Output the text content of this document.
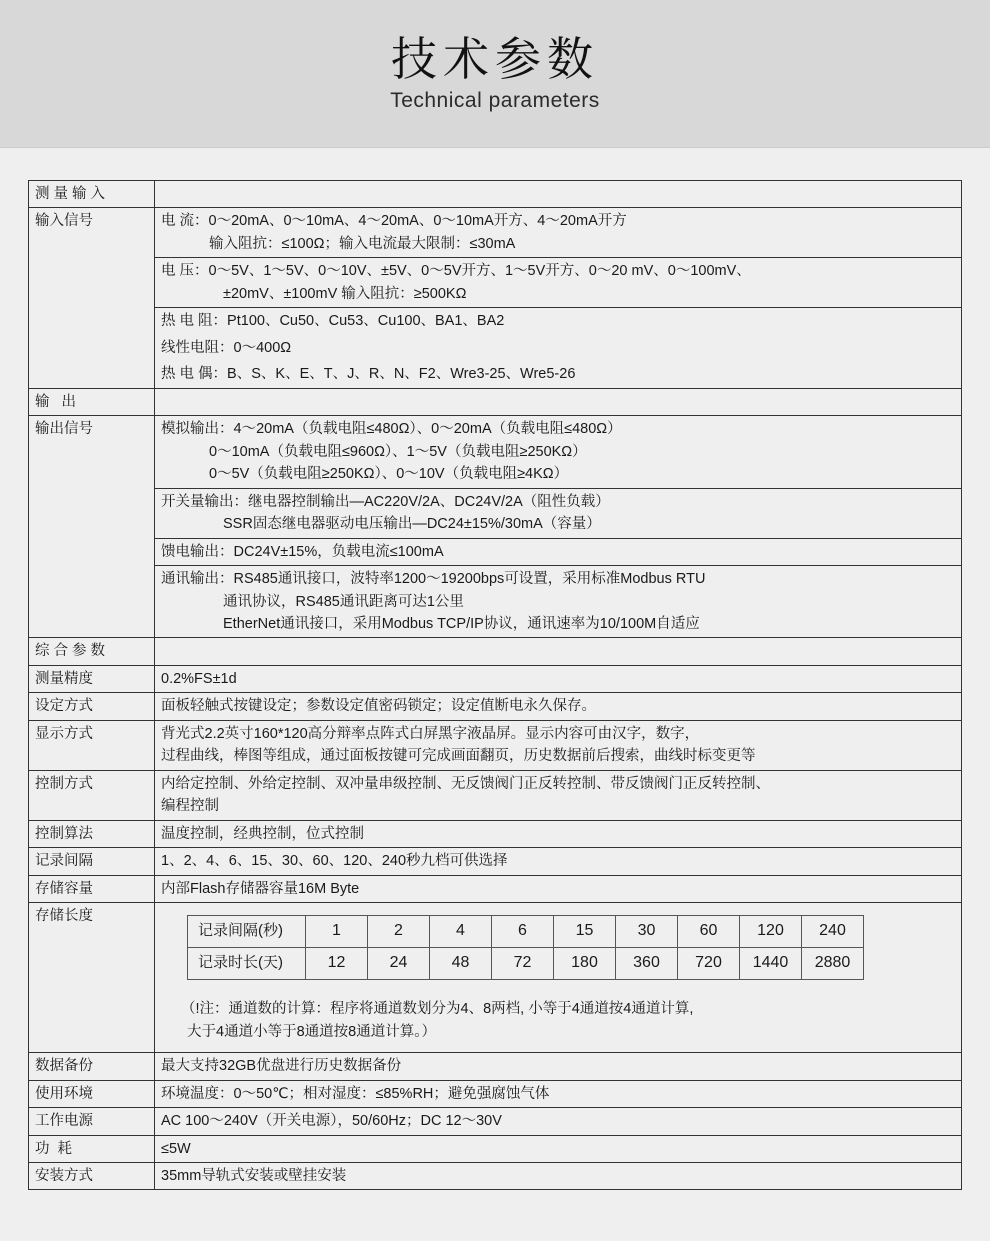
技术参数
Technical parameters
测量输入	
输入信号	电 流：0～20mA、0～10mA、4～20mA、0～10mA开方、4～20mA开方
输入阻抗：≤100Ω；输入电流最大限制：≤30mA

电 压：0～5V、1～5V、0～10V、±5V、0～5V开方、1～5V开方、0～20 mV、0～100mV、
±20mV、±100mV 输入阻抗：≥500KΩ

热 电 阻：Pt100、Cu50、Cu53、Cu100、BA1、BA2

线性电阻：0～400Ω

热 电 偶：B、S、K、E、T、J、R、N、F2、Wre3-25、Wre5-26

输 出	
输出信号	模拟输出：4～20mA（负载电阻≤480Ω）、0～20mA（负载电阻≤480Ω）
0～10mA（负载电阻≤960Ω）、1～5V（负载电阻≥250KΩ）
0～5V（负载电阻≥250KΩ）、0～10V（负载电阻≥4KΩ）

开关量输出：继电器控制输出—AC220V/2A、DC24V/2A（阻性负载）
SSR固态继电器驱动电压输出—DC24±15%/30mA（容量）

馈电输出：DC24V±15%，负载电流≤100mA

通讯输出：RS485通讯接口，波特率1200～19200bps可设置，采用标准Modbus RTU
通讯协议，RS485通讯距离可达1公里
EtherNet通讯接口，采用Modbus TCP/IP协议，通讯速率为10/100M自适应

综合参数	
测量精度	0.2%FS±1d
设定方式	面板轻触式按键设定；参数设定值密码锁定；设定值断电永久保存。
显示方式	背光式2.2英寸160*120高分辩率点阵式白屏黑字液晶屏。显示内容可由汉字，数字，
过程曲线，棒图等组成，通过面板按键可完成画面翻页，历史数据前后搜索，曲线时标变更等

控制方式	内给定控制、外给定控制、双冲量串级控制、无反馈阀门正反转控制、带反馈阀门正反转控制、
编程控制

控制算法	温度控制，经典控制，位式控制
记录间隔	1、2、4、6、15、30、60、120、240秒九档可供选择
存储容量	内部Flash存储器容量16M Byte
存储长度	
记录间隔(秒)	1	2	4	6	15	30	60	120	240
记录时长(天)	12	24	48	72	180	360	720	1440	2880
（!注：通道数的计算：程序将通道数划分为4、8两档, 小等于4通道按4通道计算,
大于4通道小等于8通道按8通道计算。）

数据备份	最大支持32GB优盘进行历史数据备份
使用环境	环境温度：0～50℃；相对湿度：≤85%RH；避免强腐蚀气体
工作电源	AC 100～240V（开关电源），50/60Hz；DC 12～30V
功 耗	≤5W
安装方式	35mm导轨式安装或壁挂安装
